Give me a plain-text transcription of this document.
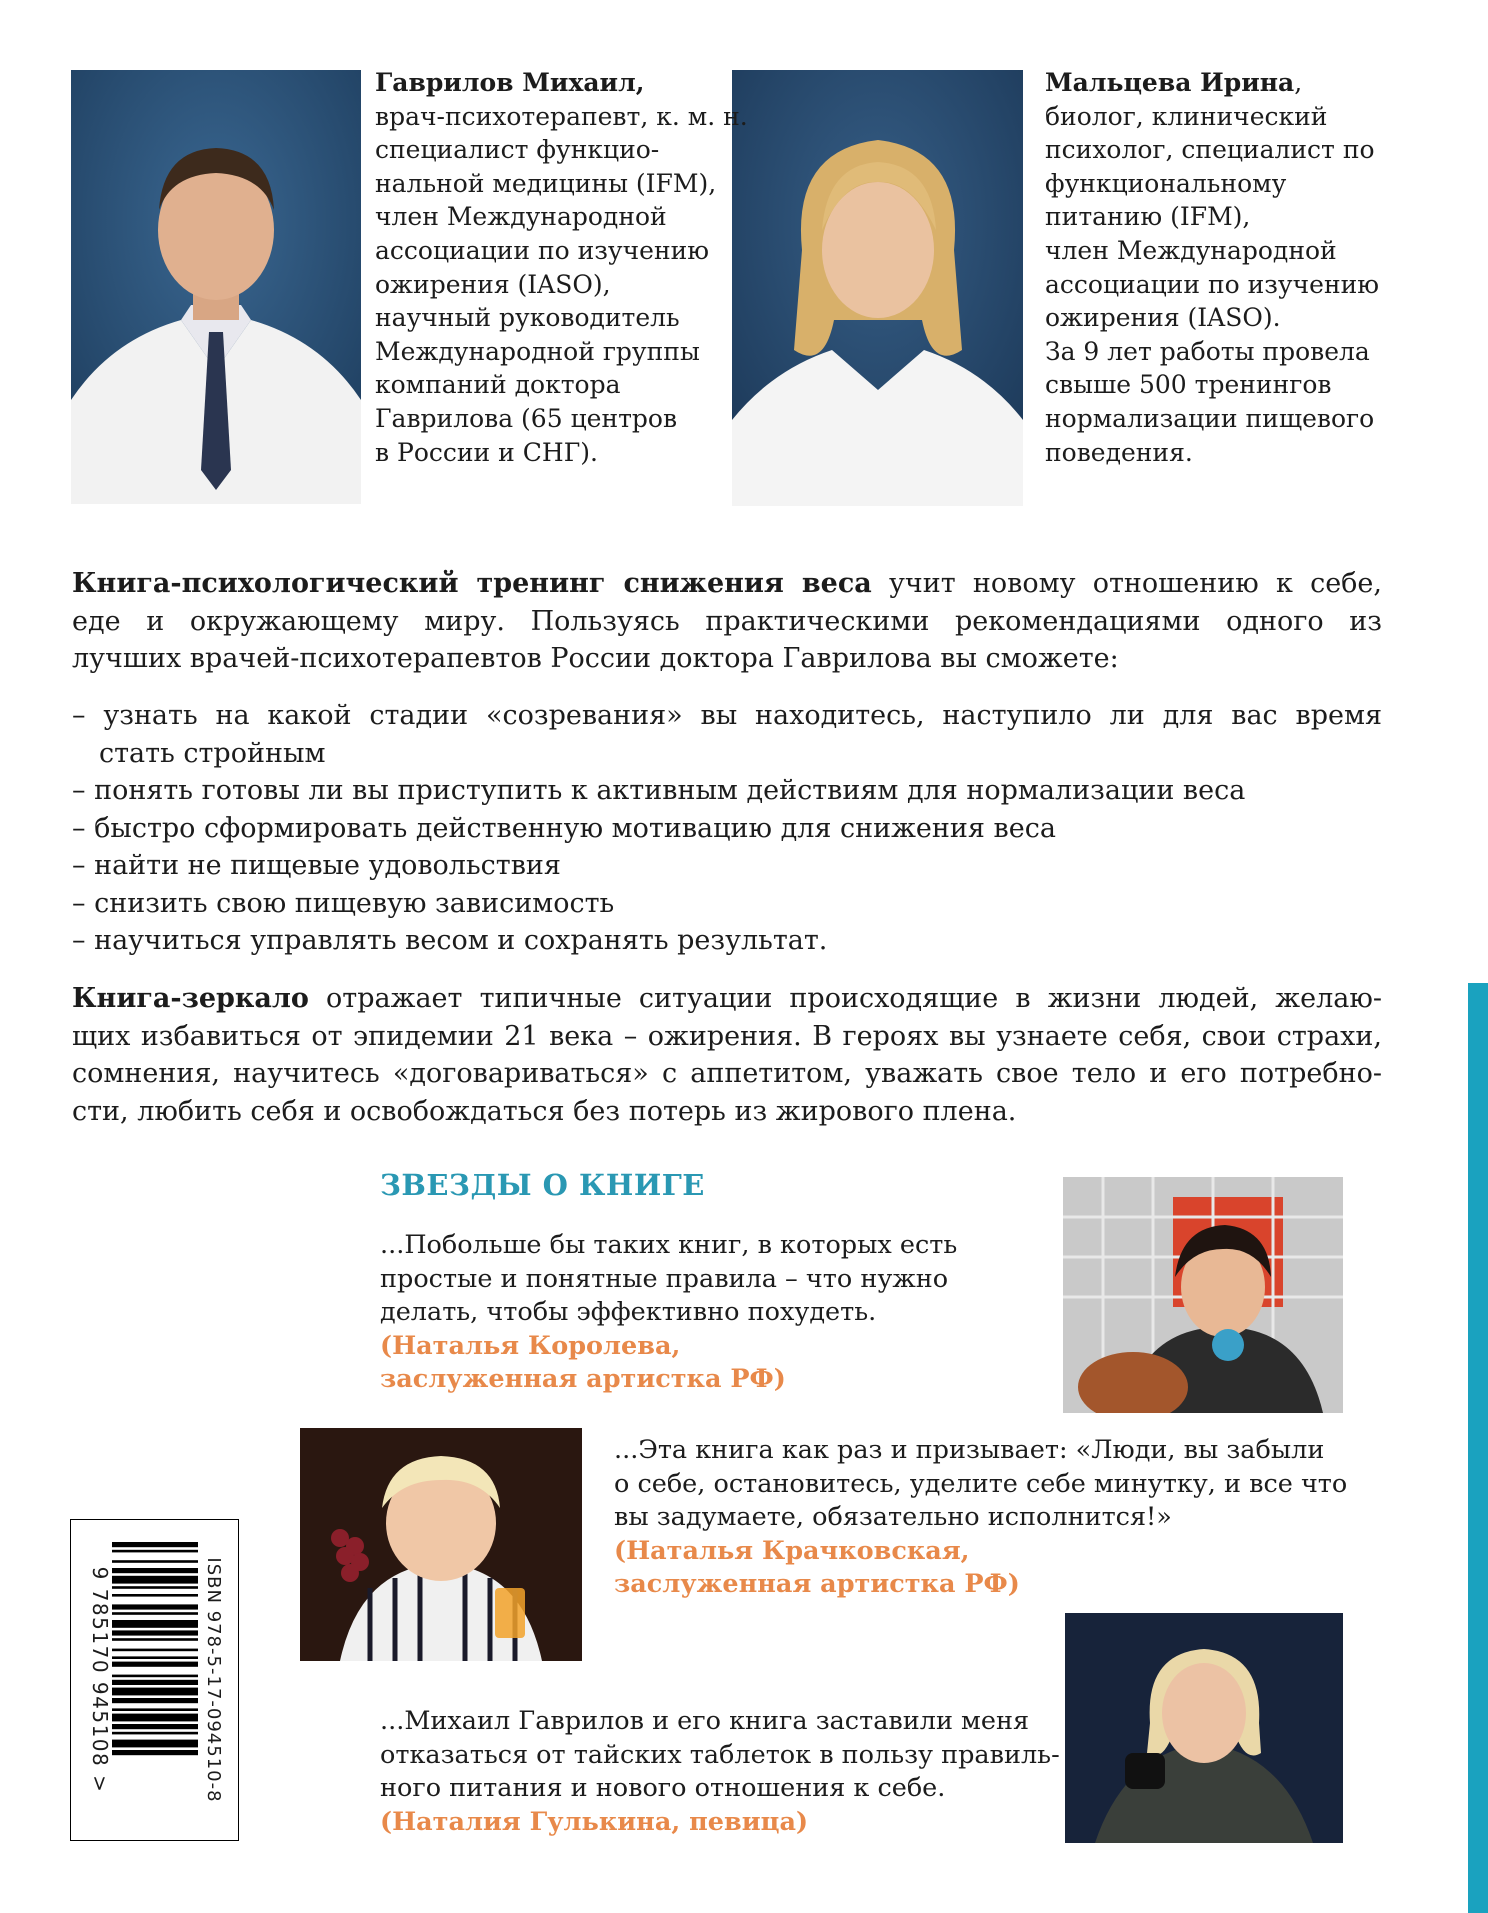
Гаврилов Михаил,
врач-психотерапевт, к. м. н.
специалист функцио-
нальной медицины (IFM),
член Международной
ассоциации по изучению
ожирения (IASO),
научный руководитель
Международной группы
компаний доктора
Гаврилова (65 центров
в России и СНГ).
Мальцева Ирина,
биолог, клинический
психолог, специалист по
функциональному
питанию (IFM),
член Международной
ассоциации по изучению
ожирения (IASO).
За 9 лет работы провела
свыше 500 тренингов
нормализации пищевого
поведения.
Книга-психологический тренинг снижения веса учит новому отношению к себе,
еде и окружающему миру. Пользуясь практическими рекомендациями одного из
лучших врачей-психотерапевтов России доктора Гаврилова вы сможете:
– узнать на какой стадии «созревания» вы находитесь, наступило ли для вас время
стать стройным
– понять готовы ли вы приступить к активным действиям для нормализации веса
– быстро сформировать действенную мотивацию для снижения веса
– найти не пищевые удовольствия
– снизить свою пищевую зависимость
– научиться управлять весом и сохранять результат.
Книга-зеркало отражает типичные ситуации происходящие в жизни людей, желаю-
щих избавиться от эпидемии 21 века – ожирения. В героях вы узнаете себя, свои страхи,
сомнения, научитесь «договариваться» с аппетитом, уважать свое тело и его потребно-
сти, любить себя и освобождаться без потерь из жирового плена.
ЗВЕЗДЫ О КНИГЕ
...Побольше бы таких книг, в которых есть
простые и понятные правила – что нужно
делать, чтобы эффективно похудеть.
(Наталья Королева,
заслуженная артистка РФ)
...Эта книга как раз и призывает: «Люди, вы забыли
о себе, остановитесь, уделите себе минутку, и все что
вы задумаете, обязательно исполнится!»
(Наталья Крачковская,
заслуженная артистка РФ)
...Михаил Гаврилов и его книга заставили меня
отказаться от тайских таблеток в пользу правиль-
ного питания и нового отношения к себе.
(Наталия Гулькина, певица)
ISBN 978-5-17-094510-8
9 785170 945108 >
